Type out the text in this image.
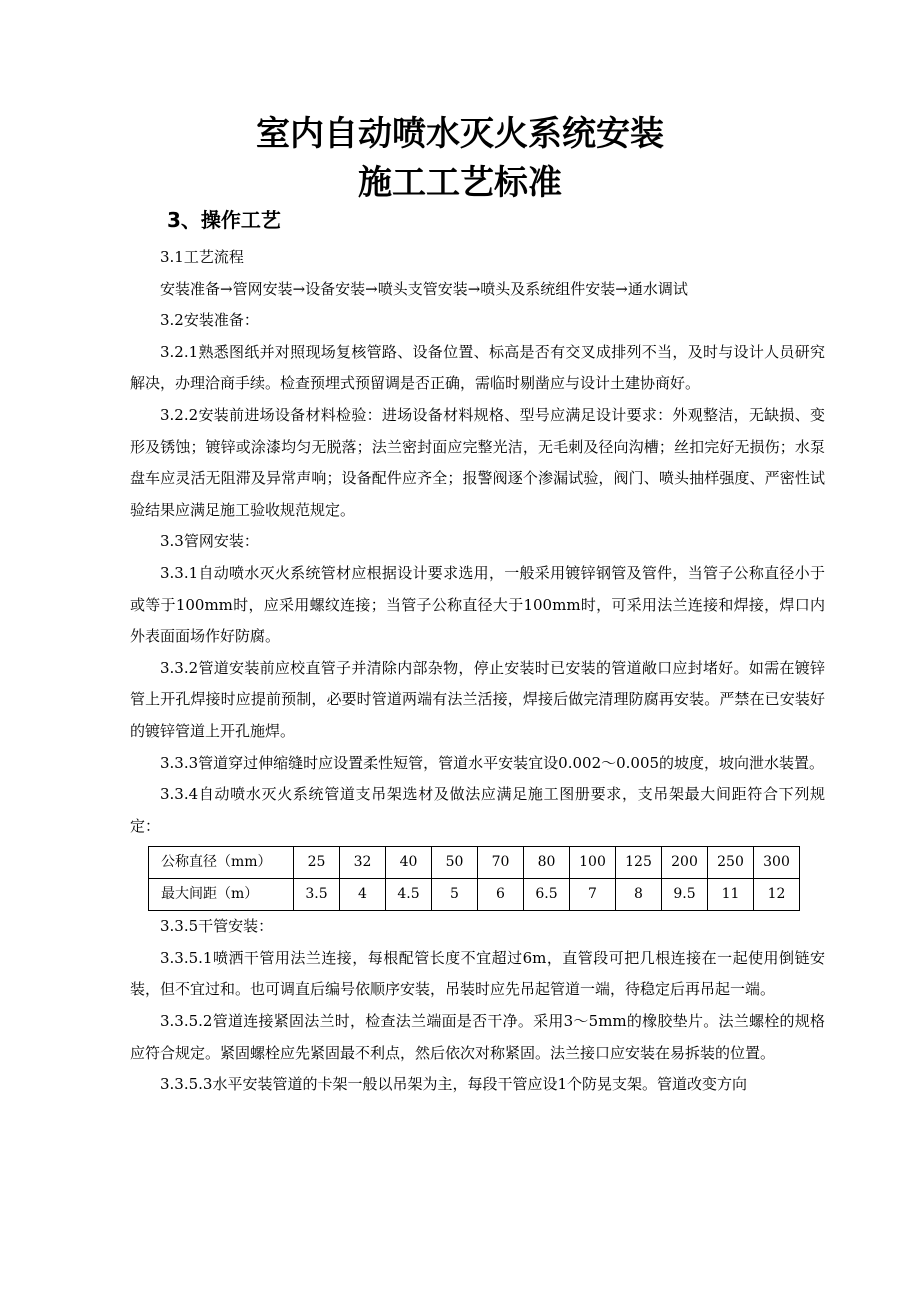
室内自动喷水灭火系统安装
施工工艺标准
3、操作工艺

3.1工艺流程

安装准备→管网安装→设备安装→喷头支管安装→喷头及系统组件安装→通水调试

3.2安装准备：

3.2.1熟悉图纸并对照现场复核管路、设备位置、标高是否有交叉成排列不当，及时与设计人员研究解决，办理洽商手续。检查预埋式预留调是否正确，需临时剔凿应与设计土建协商好。

3.2.2安装前进场设备材料检验：进场设备材料规格、型号应满足设计要求：外观整洁，无缺损、变形及锈蚀；镀锌或涂漆均匀无脱落；法兰密封面应完整光洁，无毛刺及径向沟槽；丝扣完好无损伤；水泵盘车应灵活无阻滞及异常声响；设备配件应齐全；报警阀逐个渗漏试验，阀门、喷头抽样强度、严密性试验结果应满足施工验收规范规定。

3.3管网安装：

3.3.1自动喷水灭火系统管材应根据设计要求选用，一般采用镀锌钢管及管件，当管子公称直径小于或等于100mm时，应采用螺纹连接；当管子公称直径大于100mm时，可采用法兰连接和焊接，焊口内外表面面场作好防腐。

3.3.2管道安装前应校直管子并清除内部杂物，停止安装时已安装的管道敞口应封堵好。如需在镀锌管上开孔焊接时应提前预制，必要时管道两端有法兰活接，焊接后做完清理防腐再安装。严禁在已安装好的镀锌管道上开孔施焊。

3.3.3管道穿过伸缩缝时应设置柔性短管，管道水平安装宜设0.002～0.005的坡度，坡向泄水装置。

3.3.4自动喷水灭火系统管道支吊架选材及做法应满足施工图册要求，支吊架最大间距符合下列规定：

公称直径（mm）	25	32	40	50	70	80	100	125	200	250	300
最大间距（m）	3.5	4	4.5	5	6	6.5	7	8	9.5	11	12

3.3.5干管安装：

3.3.5.1喷洒干管用法兰连接，每根配管长度不宜超过6m，直管段可把几根连接在一起使用倒链安装，但不宜过和。也可调直后编号依顺序安装，吊装时应先吊起管道一端，待稳定后再吊起一端。

3.3.5.2管道连接紧固法兰时，检查法兰端面是否干净。采用3～5mm的橡胶垫片。法兰螺栓的规格应符合规定。紧固螺栓应先紧固最不利点，然后依次对称紧固。法兰接口应安装在易拆装的位置。

3.3.5.3水平安装管道的卡架一般以吊架为主，每段干管应设1个防晃支架。管道改变方向
